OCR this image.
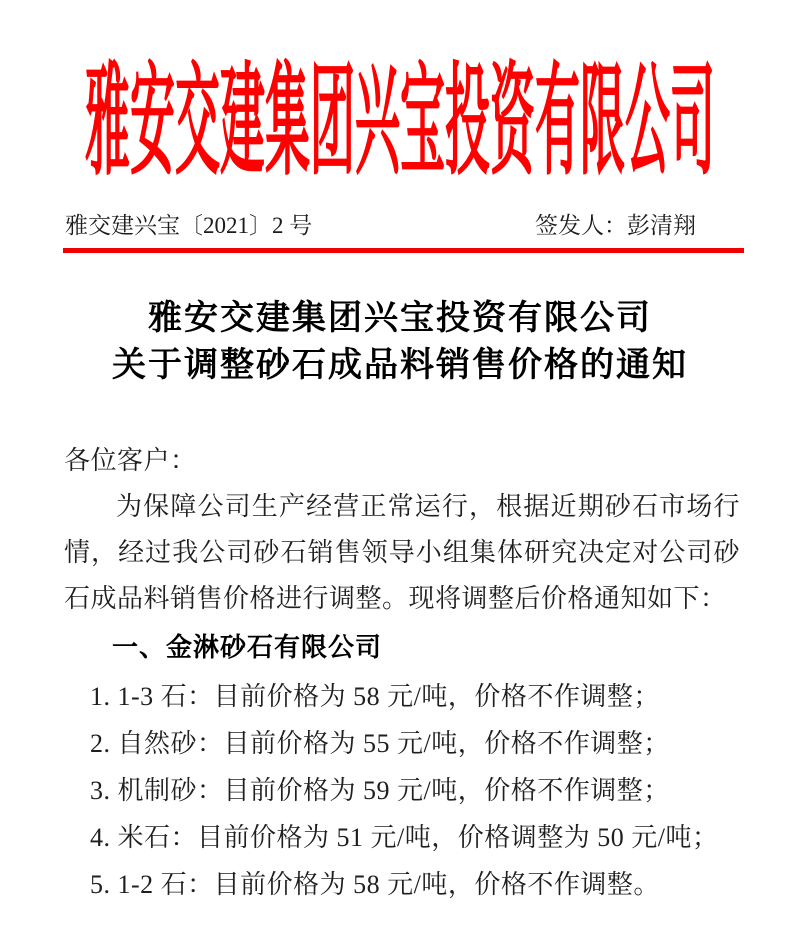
雅安交建集团兴宝投资有限公司
雅交建兴宝〔2021〕2 号	签发人：彭清翔
雅安交建集团兴宝投资有限公司
关于调整砂石成品料销售价格的通知
各位客户：
为保障公司生产经营正常运行，根据近期砂石市场行情，经过我公司砂石销售领导小组集体研究决定对公司砂石成品料销售价格进行调整。现将调整后价格通知如下：
一、金淋砂石有限公司
1. 1-3 石：目前价格为 58 元/吨，价格不作调整；
2. 自然砂：目前价格为 55 元/吨，价格不作调整；
3. 机制砂：目前价格为 59 元/吨，价格不作调整；
4. 米石：目前价格为 51 元/吨，价格调整为 50 元/吨；
5. 1-2 石：目前价格为 58 元/吨，价格不作调整。
